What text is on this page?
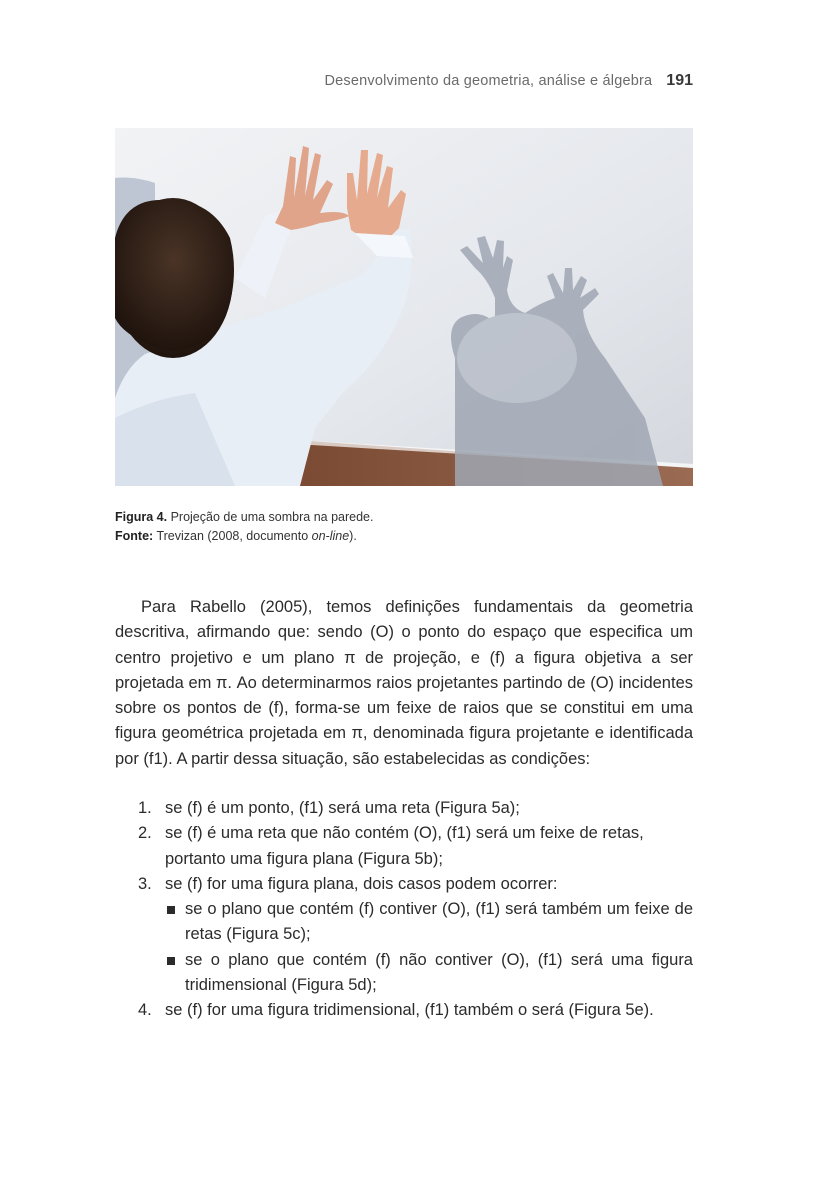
Desenvolvimento da geometria, análise e álgebra 191
Figura 4. Projeção de uma sombra na parede.
Fonte: Trevizan (2008, documento on-line).

Para Rabello (2005), temos definições fundamentais da geometria descritiva, afirmando que: sendo (O) o ponto do espaço que especifica um centro projetivo e um plano π de projeção, e (f) a figura objetiva a ser projetada em π. Ao determinarmos raios projetantes partindo de (O) incidentes sobre os pontos de (f), forma-se um feixe de raios que se constitui em uma figura geométrica projetada em π, denominada figura projetante e identificada por (f1). A partir dessa situação, são estabelecidas as condições:

1. se (f) é um ponto, (f1) será uma reta (Figura 5a);
2. se (f) é uma reta que não contém (O), (f1) será um feixe de retas, portanto uma figura plana (Figura 5b);
3. se (f) for uma figura plana, dois casos podem ocorrer:
se o plano que contém (f) contiver (O), (f1) será também um feixe de retas (Figura 5c);
se o plano que contém (f) não contiver (O), (f1) será uma figura tridimensional (Figura 5d);
4. se (f) for uma figura tridimensional, (f1) também o será (Figura 5e).
